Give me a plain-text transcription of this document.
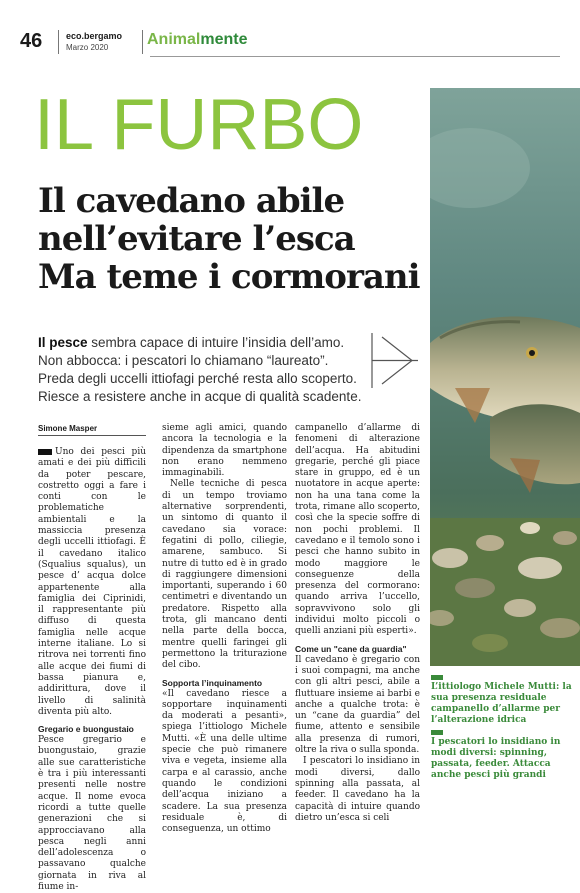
46	eco.bergamo
Marzo 2020 Animalmente
IL FURBO
Il cavedano abile
nell’evitare l’esca
Ma teme i cormorani
Il pesce sembra capace di intuire l’insidia dell’amo. Non abbocca: i pescatori lo chiamano “laureato”. Preda degli uccelli ittiofagi perché resta allo scoperto. Riesce a resistere anche in acque di qualità scadente.
Simone Masper

Uno dei pesci più amati e dei più difficili da poter pescare, costretto oggi a fare i conti con le problematiche ambientali e la massiccia presenza degli uccelli ittiofagi. È il cavedano italico (Squalius squalus), un pesce d’ acqua dolce appartenente alla famiglia dei Ciprinidi, il rappresentante più diffuso di questa famiglia nelle acque interne italiane. Lo si ritrova nei torrenti fino alle acque dei fiumi di bassa pianura e, addirittura, dove il livello di salinità diventa più alto.

Gregario e buongustaio

Pesce gregario e buongustaio, grazie alle sue caratteristiche è tra i più interessanti presenti nelle nostre acque. Il nome evoca ricordi a tutte quelle generazioni che si approcciavano alla pesca negli anni dell’adolescenza o passavano qualche giornata in riva al fiume in-

sieme agli amici, quando ancora la tecnologia e la dipendenza da smartphone non erano nemmeno immaginabili.

Nelle tecniche di pesca di un tempo troviamo alternative sorprendenti, un sintomo di quanto il cavedano sia vorace: fegatini di pollo, ciliegie, amarene, sambuco. Si nutre di tutto ed è in grado di raggiungere dimensioni importanti, superando i 60 centimetri e diventando un predatore. Rispetto alla trota, gli mancano denti nella parte della bocca, mentre quelli faringei gli permettono la triturazione del cibo.

Sopporta l’inquinamento

«Il cavedano riesce a sopportare inquinamenti da moderati a pesanti», spiega l’ittiologo Michele Mutti. «È una delle ultime specie che può rimanere viva e vegeta, insieme alla carpa e al carassio, anche quando le condizioni dell’acqua iniziano a scadere. La sua presenza residuale è, di conseguenza, un ottimo

campanello d’allarme di fenomeni di alterazione dell’acqua. Ha abitudini gregarie, perché gli piace stare in gruppo, ed è un nuotatore in acque aperte: non ha una tana come la trota, rimane allo scoperto, così che la specie soffre di non pochi problemi. Il cavedano e il temolo sono i pesci che hanno subito in modo maggiore le conseguenze della presenza del cormorano: quando arriva l’uccello, sopravvivono solo gli individui molto piccoli o quelli anziani più esperti».

Come un "cane da guardia"

Il cavedano è gregario con i suoi compagni, ma anche con gli altri pesci, abile a fluttuare insieme ai barbi e anche a qualche trota: è un “cane da guardia” del fiume, attento e sensibile alla presenza di rumori, oltre la riva o sulla sponda.

I pescatori lo insidiano in modi diversi, dallo spinning alla passata, al feeder. Il cavedano ha la capacità di intuire quando dietro un’esca si celi

L’ittiologo Michele Mutti: la sua presenza residuale campanello d’allarme per l’alterazione idrica
I pescatori lo insidiano in modi diversi: spinning, passata, feeder. Attacca anche pesci più grandi
